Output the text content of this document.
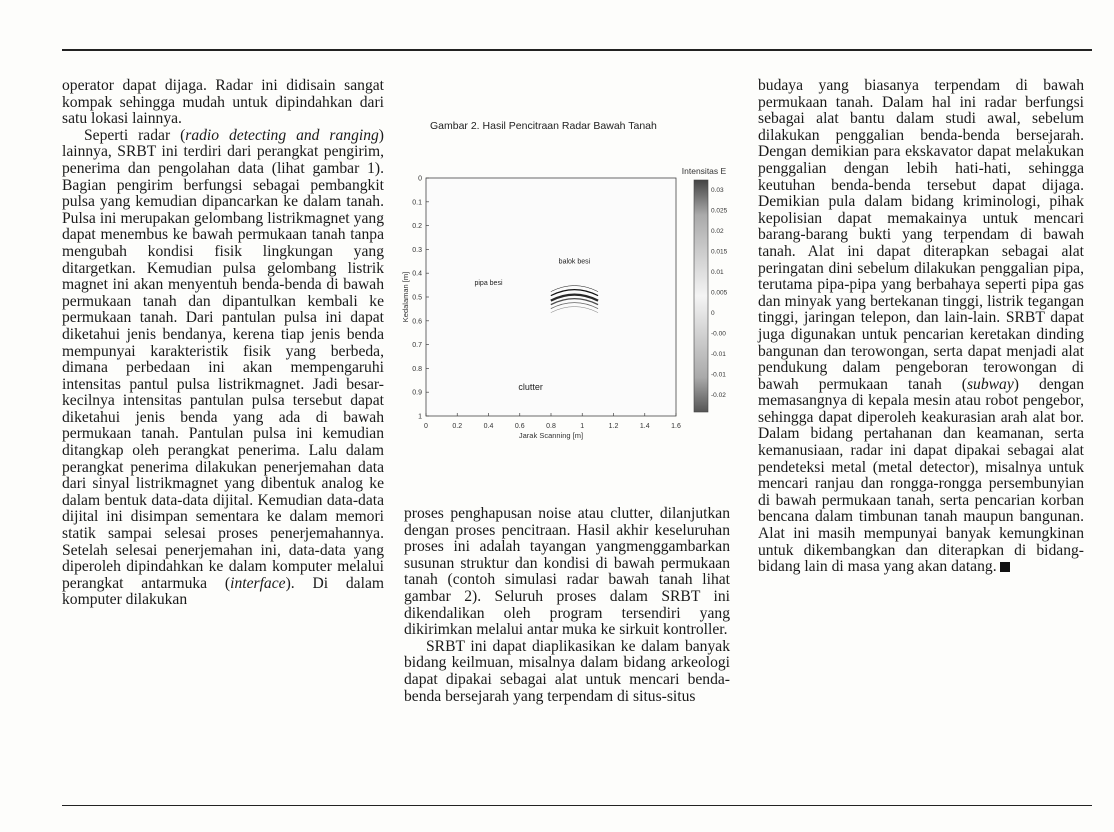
operator dapat dijaga. Radar ini didisain sangat kompak sehingga mudah untuk dipindahkan dari satu lokasi lainnya.

Seperti radar (radio detecting and ranging) lainnya, SRBT ini terdiri dari perangkat pengirim, penerima dan pengolahan data (lihat gambar 1). Bagian pengirim berfungsi sebagai pembangkit pulsa yang kemudian dipancarkan ke dalam tanah. Pulsa ini merupakan gelombang listrikmagnet yang dapat menembus ke bawah permukaan tanah tanpa mengubah kondisi fisik lingkungan yang ditargetkan. Kemudian pulsa gelombang listrik magnet ini akan menyentuh benda-benda di bawah permukaan tanah dan dipantulkan kembali ke permukaan tanah. Dari pantulan pulsa ini dapat diketahui jenis bendanya, kerena tiap jenis benda mempunyai karakteristik fisik yang berbeda, dimana perbedaan ini akan mempengaruhi intensitas pantul pulsa listrikmagnet. Jadi besar-kecilnya intensitas pantulan pulsa tersebut dapat diketahui jenis benda yang ada di bawah permukaan tanah. Pantulan pulsa ini kemudian ditangkap oleh perangkat penerima. Lalu dalam perangkat penerima dilakukan penerjemahan data dari sinyal listrikmagnet yang dibentuk analog ke dalam bentuk data-data dijital. Kemudian data-data dijital ini disimpan sementara ke dalam memori statik sampai selesai proses penerjemahannya. Setelah selesai penerjemahan ini, data-data yang diperoleh dipindahkan ke dalam komputer melalui perangkat antarmuka (interface). Di dalam komputer dilakukan

Gambar 2. Hasil Pencitraan Radar Bawah Tanah
0	0.2	0.4	0.6	0.8	1	1.2	1.4	1.6
0
0.1
0.2
0.3
0.4
0.5
0.6
0.7
0.8
0.9
1
Jarak Scanning [m]
Kedalaman [m]
Intensitas E
0.03
0.025
0.02
0.015
0.01
0.005
0
-0.00
-0.01
-0.01
-0.02
balok besi
pipa besi
clutter

proses penghapusan noise atau clutter, dilanjutkan dengan proses pencitraan. Hasil akhir keseluruhan proses ini adalah tayangan yangmenggambarkan susunan struktur dan kondisi di bawah permukaan tanah (contoh simulasi radar bawah tanah lihat gambar 2). Seluruh proses dalam SRBT ini dikendalikan oleh program tersendiri yang dikirimkan melalui antar muka ke sirkuit kontroller.

SRBT ini dapat diaplikasikan ke dalam banyak bidang keilmuan, misalnya dalam bidang arkeologi dapat dipakai sebagai alat untuk mencari benda-benda bersejarah yang terpendam di situs-situs

budaya yang biasanya terpendam di bawah permukaan tanah. Dalam hal ini radar berfungsi sebagai alat bantu dalam studi awal, sebelum dilakukan penggalian benda-benda bersejarah. Dengan demikian para ekskavator dapat melakukan penggalian dengan lebih hati-hati, sehingga keutuhan benda-benda tersebut dapat dijaga. Demikian pula dalam bidang kriminologi, pihak kepolisian dapat memakainya untuk mencari barang-barang bukti yang terpendam di bawah tanah. Alat ini dapat diterapkan sebagai alat peringatan dini sebelum dilakukan penggalian pipa, terutama pipa-pipa yang berbahaya seperti pipa gas dan minyak yang bertekanan tinggi, listrik tegangan tinggi, jaringan telepon, dan lain-lain. SRBT dapat juga digunakan untuk pencarian keretakan dinding bangunan dan terowongan, serta dapat menjadi alat pendukung dalam pengeboran terowongan di bawah permukaan tanah (subway) dengan memasangnya di kepala mesin atau robot pengebor, sehingga dapat diperoleh keakurasian arah alat bor. Dalam bidang pertahanan dan keamanan, serta kemanusiaan, radar ini dapat dipakai sebagai alat pendeteksi metal (metal detector), misalnya untuk mencari ranjau dan rongga-rongga persembunyian di bawah permukaan tanah, serta pencarian korban bencana dalam timbunan tanah maupun bangunan. Alat ini masih mempunyai banyak kemungkinan untuk dikembangkan dan diterapkan di bidang-bidang lain di masa yang akan datang.
